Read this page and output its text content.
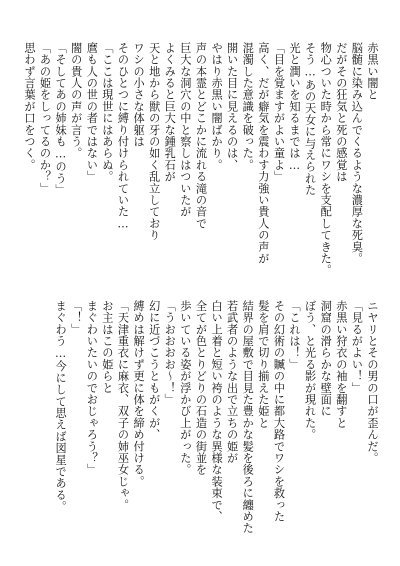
赤黒い闇と
脳髄に染み込んでくるような濃厚な死臭。
だがその狂気と死の感覚は
物心ついた時から常にワシを支配してきた。
そう…あの天女に与えられた
光と潤いを知るまでは…
「目を覚ますがよい童よ」
高く、だが癖気を震わす力強い貴人の声が
混濁した意識を破った。
開いた目に見えるのは、
やはり赤黒い闇ばかり。
声の本霊とどこかに流れる滝の音で
巨大な洞穴の中と察しはついたが
よくみると巨大な鍾乳石が
天と地から獣の牙の如く乱立しており
ワシの小さな体躯は
そのひとつに縛り付けられていた…
「ここは現世にはあらぬ。
麿も人の世の者ではない」
闇の貴人の声が言う。
「そしてあの姉妹も…のう」
「あの姫をしってるのか？」
思わず言葉が口をつく。
ニヤリとその男の口が歪んだ。
「見るがよい！」
赤黒い狩衣の袖を翻すと
洞窟の滑らかな壁面に
ぼう、と光る影が現れた。
「これは！」
その幻術の贓の中に都大路でワシを救った
髪を肩で切り揃えた姫と
結界の屋敷で目見た豊かな髪を後ろに纏めた
若武者のような出で立ちの姫が
白い上着と短い袴のような異様な装束で、
全てが色とりどりの石造の街並を
歩いている姿が浮かび上がった。
「うおおおお〜！」
幻に近づこうともがくが、
縛めは解けず更に体を締め付ける。
「天津重衣に麻衣、双子の姉巫女じゃ。
お主はこの姫らと
まぐわいたいのでおじゃろう？」
「！」
まぐわう…今にして思えば図星である。
